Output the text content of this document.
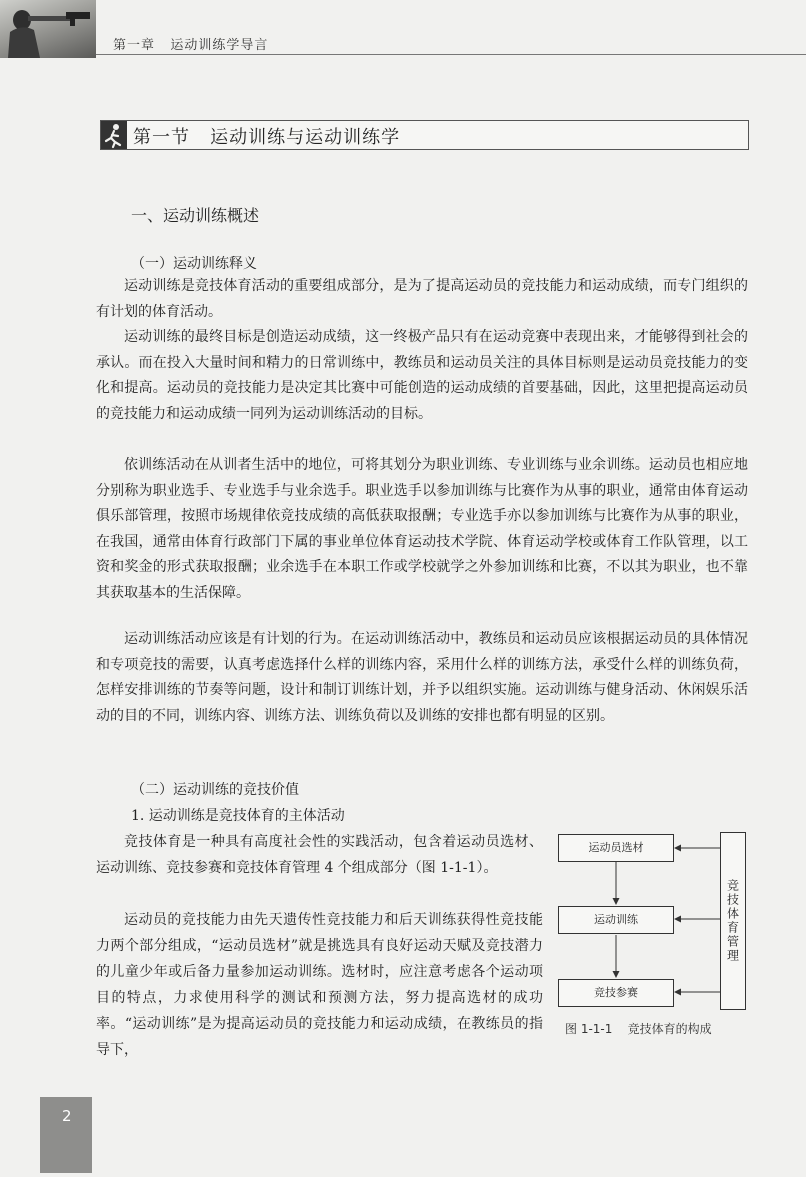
第一章   运动训练学导言
第一节   运动训练与运动训练学
一、运动训练概述
（一）运动训练释义
运动训练是竞技体育活动的重要组成部分，是为了提高运动员的竞技能力和运动成绩，而专门组织的有计划的体育活动。
运动训练的最终目标是创造运动成绩，这一终极产品只有在运动竞赛中表现出来，才能够得到社会的承认。而在投入大量时间和精力的日常训练中，教练员和运动员关注的具体目标则是运动员竞技能力的变化和提高。运动员的竞技能力是决定其比赛中可能创造的运动成绩的首要基础，因此，这里把提高运动员的竞技能力和运动成绩一同列为运动训练活动的目标。
依训练活动在从训者生活中的地位，可将其划分为职业训练、专业训练与业余训练。运动员也相应地分别称为职业选手、专业选手与业余选手。职业选手以参加训练与比赛作为从事的职业，通常由体育运动俱乐部管理，按照市场规律依竞技成绩的高低获取报酬；专业选手亦以参加训练与比赛作为从事的职业，在我国，通常由体育行政部门下属的事业单位体育运动技术学院、体育运动学校或体育工作队管理，以工资和奖金的形式获取报酬；业余选手在本职工作或学校就学之外参加训练和比赛，不以其为职业，也不靠其获取基本的生活保障。
运动训练活动应该是有计划的行为。在运动训练活动中，教练员和运动员应该根据运动员的具体情况和专项竞技的需要，认真考虑选择什么样的训练内容，采用什么样的训练方法，承受什么样的训练负荷，怎样安排训练的节奏等问题，设计和制订训练计划，并予以组织实施。运动训练与健身活动、休闲娱乐活动的目的不同，训练内容、训练方法、训练负荷以及训练的安排也都有明显的区别。
（二）运动训练的竞技价值
1. 运动训练是竞技体育的主体活动
竞技体育是一种具有高度社会性的实践活动，包含着运动员选材、运动训练、竞技参赛和竞技体育管理 4 个组成部分（图 1-1-1）。
运动员的竞技能力由先天遗传性竞技能力和后天训练获得性竞技能力两个部分组成，“运动员选材”就是挑选具有良好运动天赋及竞技潜力的儿童少年或后备力量参加运动训练。选材时，应注意考虑各个运动项目的特点，力求使用科学的测试和预测方法，努力提高选材的成功率。“运动训练”是为提高运动员的竞技能力和运动成绩，在教练员的指导下，
运动员选材
运动训练
竞技参赛
竞技体育管理
图 1-1-1    竞技体育的构成
2
